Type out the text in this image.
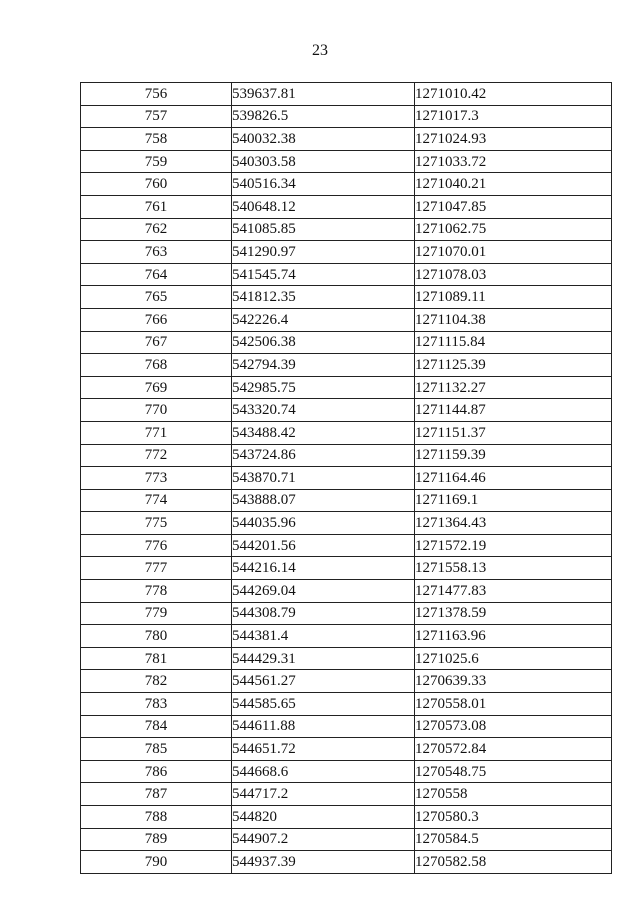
23
756	539637.81	1271010.42
757	539826.5	1271017.3
758	540032.38	1271024.93
759	540303.58	1271033.72
760	540516.34	1271040.21
761	540648.12	1271047.85
762	541085.85	1271062.75
763	541290.97	1271070.01
764	541545.74	1271078.03
765	541812.35	1271089.11
766	542226.4	1271104.38
767	542506.38	1271115.84
768	542794.39	1271125.39
769	542985.75	1271132.27
770	543320.74	1271144.87
771	543488.42	1271151.37
772	543724.86	1271159.39
773	543870.71	1271164.46
774	543888.07	1271169.1
775	544035.96	1271364.43
776	544201.56	1271572.19
777	544216.14	1271558.13
778	544269.04	1271477.83
779	544308.79	1271378.59
780	544381.4	1271163.96
781	544429.31	1271025.6
782	544561.27	1270639.33
783	544585.65	1270558.01
784	544611.88	1270573.08
785	544651.72	1270572.84
786	544668.6	1270548.75
787	544717.2	1270558
788	544820	1270580.3
789	544907.2	1270584.5
790	544937.39	1270582.58
